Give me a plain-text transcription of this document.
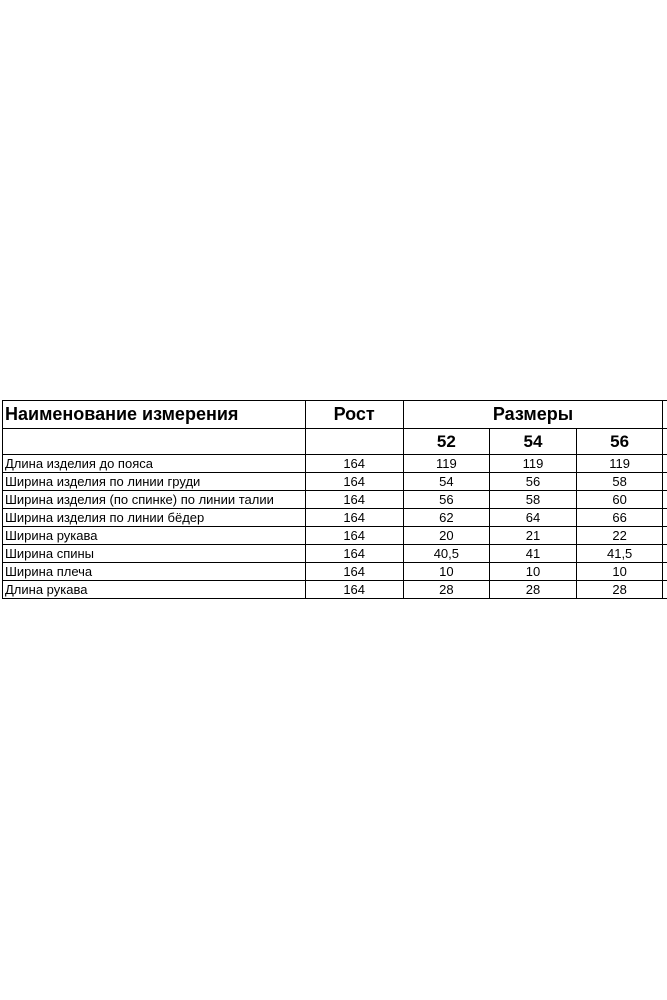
Наименование измерения	Рост	Размеры			
		52	54	56	
Длина изделия до пояса	164	119	119	119	
Ширина изделия по линии груди	164	54	56	58	
Ширина изделия (по спинке) по линии талии	164	56	58	60	
Ширина изделия по линии бёдер	164	62	64	66	
Ширина рукава	164	20	21	22	
Ширина спины	164	40,5	41	41,5	
Ширина плеча	164	10	10	10	
Длина рукава	164	28	28	28	
